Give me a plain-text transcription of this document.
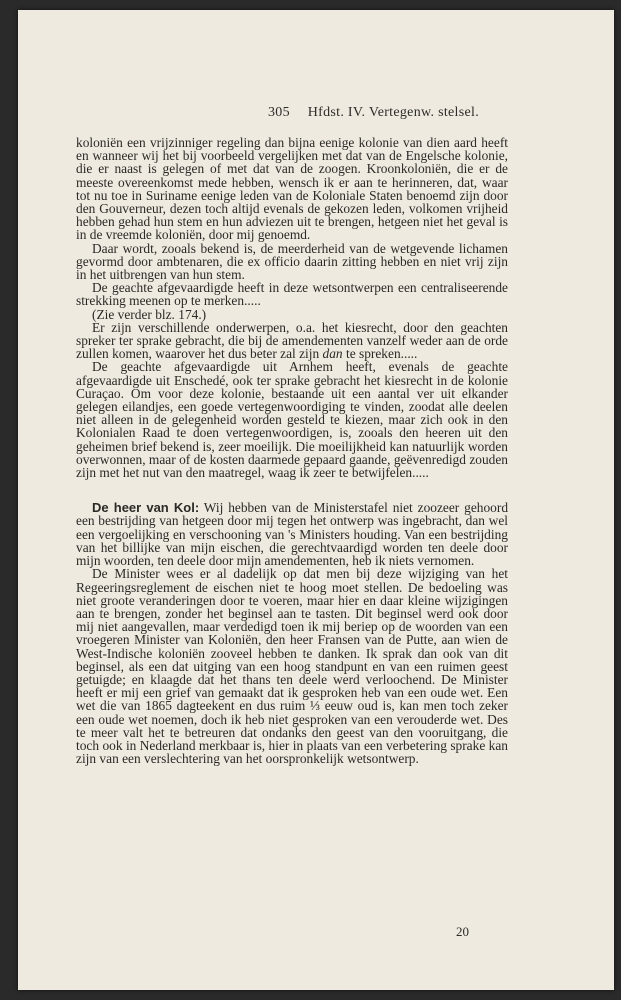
305 Hfdst. IV. Vertegenw. stelsel.

koloniën een vrijzinniger regeling dan bijna eenige kolonie van dien aard heeft en wanneer wij het bij voorbeeld vergelijken met dat van de Engelsche kolonie, die er naast is gelegen of met dat van de zoogen. Kroonkoloniën, die er de meeste overeenkomst mede hebben, wensch ik er aan te herinneren, dat, waar tot nu toe in Suriname eenige leden van de Koloniale Staten benoemd zijn door den Gouverneur, dezen toch altijd evenals de gekozen leden, volkomen vrijheid hebben gehad hun stem en hun adviezen uit te brengen, hetgeen niet het geval is in de vreemde koloniën, door mij genoemd.

Daar wordt, zooals bekend is, de meerderheid van de wetgevende lichamen gevormd door ambtenaren, die ex officio daarin zitting hebben en niet vrij zijn in het uitbrengen van hun stem.

De geachte afgevaardigde heeft in deze wetsontwerpen een centraliseerende strekking meenen op te merken.....

(Zie verder blz. 174.)

Er zijn verschillende onderwerpen, o.a. het kiesrecht, door den geachten spreker ter sprake gebracht, die bij de amendementen vanzelf weder aan de orde zullen komen, waarover het dus beter zal zijn dan te spreken.....

De geachte afgevaardigde uit Arnhem heeft, evenals de geachte afgevaardigde uit Enschedé, ook ter sprake gebracht het kiesrecht in de kolonie Curaçao. Om voor deze kolonie, bestaande uit een aantal ver uit elkander gelegen eilandjes, een goede vertegenwoordiging te vinden, zoodat alle deelen niet alleen in de gelegenheid worden gesteld te kiezen, maar zich ook in den Kolonialen Raad te doen vertegenwoordigen, is, zooals den heeren uit den geheimen brief bekend is, zeer moeilijk. Die moeilijkheid kan natuurlijk worden overwonnen, maar of de kosten daarmede gepaard gaande, geëvenredigd zouden zijn met het nut van den maatregel, waag ik zeer te betwijfelen.....

De heer van Kol: Wij hebben van de Ministerstafel niet zoozeer gehoord een bestrijding van hetgeen door mij tegen het ontwerp was ingebracht, dan wel een vergoelijking en verschooning van 's Ministers houding. Van een bestrijding van het billijke van mijn eischen, die gerechtvaardigd worden ten deele door mijn woorden, ten deele door mijn amendementen, heb ik niets vernomen.

De Minister wees er al dadelijk op dat men bij deze wijziging van het Regeeringsreglement de eischen niet te hoog moet stellen. De bedoeling was niet groote veranderingen door te voeren, maar hier en daar kleine wijzigingen aan te brengen, zonder het beginsel aan te tasten. Dit beginsel werd ook door mij niet aangevallen, maar verdedigd toen ik mij beriep op de woorden van een vroegeren Minister van Koloniën, den heer Fransen van de Putte, aan wien de West-Indische koloniën zooveel hebben te danken. Ik sprak dan ook van dit beginsel, als een dat uitging van een hoog standpunt en van een ruimen geest getuigde; en klaagde dat het thans ten deele werd verloochend. De Minister heeft er mij een grief van gemaakt dat ik gesproken heb van een oude wet. Een wet die van 1865 dagteekent en dus ruim ⅓ eeuw oud is, kan men toch zeker een oude wet noemen, doch ik heb niet gesproken van een verouderde wet. Des te meer valt het te betreuren dat ondanks den geest van den vooruitgang, die toch ook in Nederland merkbaar is, hier in plaats van een verbetering sprake kan zijn van een verslechtering van het oorspronkelijk wetsontwerp.

20
